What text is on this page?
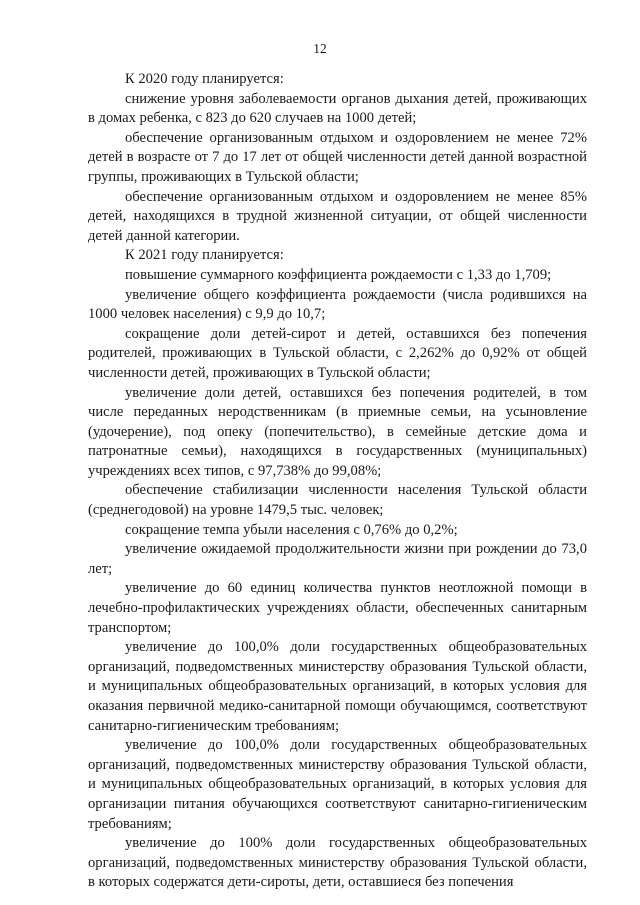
12

К 2020 году планируется:

снижение уровня заболеваемости органов дыхания детей, проживающих в домах ребенка, с 823 до 620 случаев на 1000 детей;

обеспечение организованным отдыхом и оздоровлением не менее 72% детей в возрасте от 7 до 17 лет от общей численности детей данной возрастной группы, проживающих в Тульской области;

обеспечение организованным отдыхом и оздоровлением не менее 85% детей, находящихся в трудной жизненной ситуации, от общей численности детей данной категории.

К 2021 году планируется:

повышение суммарного коэффициента рождаемости с 1,33 до 1,709;

увеличение общего коэффициента рождаемости (числа родившихся на 1000 человек населения) с 9,9 до 10,7;

сокращение доли детей-сирот и детей, оставшихся без попечения родителей, проживающих в Тульской области, с 2,262% до 0,92% от общей численности детей, проживающих в Тульской области;

увеличение доли детей, оставшихся без попечения родителей, в том числе переданных неродственникам (в приемные семьи, на усыновление (удочерение), под опеку (попечительство), в семейные детские дома и патронатные семьи), находящихся в государственных (муниципальных) учреждениях всех типов, с 97,738% до 99,08%;

обеспечение стабилизации численности населения Тульской области (среднегодовой) на уровне 1479,5 тыс. человек;

сокращение темпа убыли населения с 0,76% до 0,2%;

увеличение ожидаемой продолжительности жизни при рождении до 73,0 лет;

увеличение до 60 единиц количества пунктов неотложной помощи в лечебно-профилактических учреждениях области, обеспеченных санитарным транспортом;

увеличение до 100,0% доли государственных общеобразовательных организаций, подведомственных министерству образования Тульской области, и муниципальных общеобразовательных организаций, в которых условия для оказания первичной медико-санитарной помощи обучающимся, соответствуют санитарно-гигиеническим требованиям;

увеличение до 100,0% доли государственных общеобразовательных организаций, подведомственных министерству образования Тульской области, и муниципальных общеобразовательных организаций, в которых условия для организации питания обучающихся соответствуют санитарно-гигиеническим требованиям;

увеличение до 100% доли государственных общеобразовательных организаций, подведомственных министерству образования Тульской области, в которых содержатся дети-сироты, дети, оставшиеся без попечения
